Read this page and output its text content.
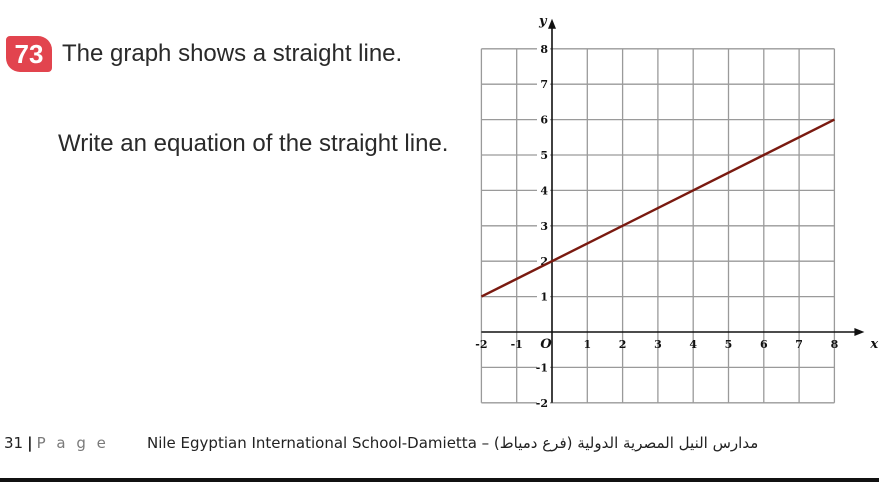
73 The graph shows a straight line.
Write an equation of the straight line.
-2 -1 O	1	2	3	4	5	6	7	8
-2
-1
1
2
3
4
5
6
7
8
x
y
31 | P a g e	Nile Egyptian International School-Damietta – مدارس النيل المصرية الدولية (فرع دمياط)
